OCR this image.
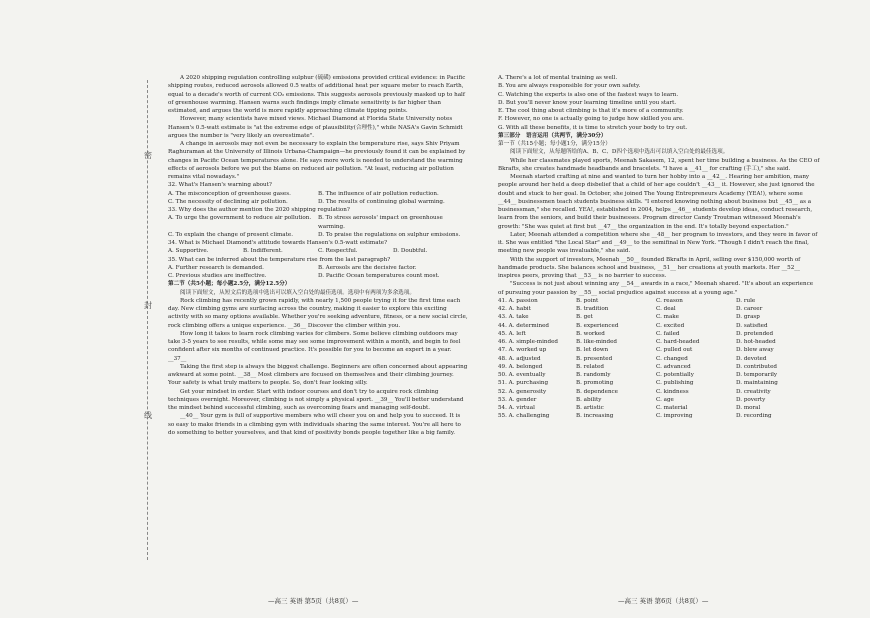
密
封
线

A 2020 shipping regulation controlling sulphur (硫磺) emissions provided critical evidence: in Pacific shipping routes, reduced aerosols allowed 0.5 watts of additional heat per square meter to reach Earth, equal to a decade's worth of current CO₂ emissions. This suggests aerosols previously masked up to half of greenhouse warming. Hansen warns such findings imply climate sensitivity is far higher than estimated, and argues the world is more rapidly approaching climate tipping points.

However, many scientists have mixed views. Michael Diamond at Florida State University notes Hansen's 0.5-watt estimate is "at the extreme edge of plausibility(合理性)," while NASA's Gavin Schmidt argues the number is "very likely an overestimate".

A change in aerosols may not even be necessary to explain the temperature rise, says Shiv Priyam Raghuraman at the University of Illinois Urbana-Champaign—he previously found it can be explained by changes in Pacific Ocean temperatures alone. He says more work is needed to understand the warming effects of aerosols before we put the blame on reduced air pollution. "At least, reducing air pollution remains vital nowadays."

32. What's Hansen's warning about?

A. The misconception of greenhouse gases.	B. The influence of air pollution reduction.
C. The necessity of declining air pollution.	D. The results of continuing global warming.

33. Why does the author mention the 2020 shipping regulation?

A. To urge the government to reduce air pollution.	B. To stress aerosols' impact on greenhouse warming.
C. To explain the change of present climate.	D. To praise the regulations on sulphur emissions.

34. What is Michael Diamond's attitude towards Hansen's 0.5-watt estimate?

A. Supportive.	B. Indifferent.	C. Respectful.	D. Doubtful.

35. What can be inferred about the temperature rise from the last paragraph?

A. Further research is demanded.	B. Aerosols are the decisive factor.
C. Previous studies are ineffective.	D. Pacific Ocean temperatures count most.

第二节（共5小题；每小题2.5分，满分12.5分）

阅读下面短文，从短文后的选项中选出可以填入空白处的最佳选项。选项中有两项为多余选项。

Rock climbing has recently grown rapidly, with nearly 1,500 people trying it for the first time each day. New climbing gyms are surfacing across the country, making it easier to explore this exciting activity with so many options available. Whether you're seeking adventure, fitness, or a new social circle, rock climbing offers a unique experience. __36__ Discover the climber within you.

How long it takes to learn rock climbing varies for climbers. Some believe climbing outdoors may take 3-5 years to see results, while some may see some improvement within a month, and begin to feel confident after six months of continued practice. It's possible for you to become an expert in a year. __37__

Taking the first step is always the biggest challenge. Beginners are often concerned about appearing awkward at some point. __38__ Most climbers are focused on themselves and their climbing journey. Your safety is what truly matters to people. So, don't fear looking silly.

Get your mindset in order. Start with indoor courses and don't try to acquire rock climbing techniques overnight. Moreover, climbing is not simply a physical sport. __39__ You'll better understand the mindset behind successful climbing, such as overcoming fears and managing self-doubt.

__40__ Your gym is full of supportive members who will cheer you on and help you to succeed. It is so easy to make friends in a climbing gym with individuals sharing the same interest. You're all here to do something to better yourselves, and that kind of positivity bonds people together like a big family.

A. There's a lot of mental training as well.

B. You are always responsible for your own safety.

C. Watching the experts is also one of the fastest ways to learn.

D. But you'll never know your learning timeline until you start.

E. The cool thing about climbing is that it's more of a community.

F. However, no one is actually going to judge how skilled you are.

G. With all these benefits, it is time to stretch your body to try out.

第三部分　语言运用（共两节，满分30分）

第一节（共15小题；每小题1分，满分15分）

阅读下面短文，从每题所给的A、B、C、D四个选项中选出可以填入空白处的最佳选项。

While her classmates played sports, Meenah Sakasem, 12, spent her time building a business. As the CEO of Bkrafts, she creates handmade headbands and bracelets. "I have a __41__ for crafting (手工)," she said.

Meenah started crafting at nine and wanted to turn her hobby into a __42__. Hearing her ambition, many people around her held a deep disbelief that a child of her age couldn't __43__ it. However, she just ignored the doubt and stuck to her goal. In October, she joined The Young Entrepreneurs Academy (YEA!), where some __44__ businessmen teach students business skills. "I entered knowing nothing about business but __45__ as a businessman," she recalled. YEA!, established in 2004, helps __46__ students develop ideas, conduct research, learn from the seniors, and build their businesses. Program director Candy Troutman witnessed Meenah's growth: "She was quiet at first but __47__ the organization in the end. It's totally beyond expectation."

Later, Meenah attended a competition where she __48__ her program to investors, and they were in favor of it. She was entitled "the Local Star" and __49__ to the semifinal in New York. "Though I didn't reach the final, meeting new people was invaluable," she said.

With the support of investors, Meenah __50__ founded Bkrafts in April, selling over $150,000 worth of handmade products. She balances school and business, __51__ her creations at youth markets. Her __52__ inspires peers, proving that __53__ is no barrier to success.

"Success is not just about winning any __54__ awards in a race," Meenah shared. "It's about an experience of pursuing your passion by __55__ social prejudice against success at a young age."

41. A. passion	B. point	C. reason	D. rule
42. A. habit	B. tradition	C. deal	D. career
43. A. take	B. get	C. make	D. grasp
44. A. determined	B. experienced	C. excited	D. satisfied
45. A. left	B. worked	C. failed	D. pretended
46. A. simple-minded	B. like-minded	C. hard-headed	D. hot-headed
47. A. worked up	B. let down	C. pulled out	D. blew away
48. A. adjusted	B. presented	C. changed	D. devoted
49. A. belonged	B. related	C. advanced	D. contributed
50. A. eventually	B. randomly	C. potentially	D. temporarily
51. A. purchasing	B. promoting	C. publishing	D. maintaining
52. A. generosity	B. dependence	C. kindness	D. creativity
53. A. gender	B. ability	C. age	D. poverty
54. A. virtual	B. artistic	C. material	D. moral
55. A. challenging	B. increasing	C. improving	D. recording
—高三 英语 第5页（共8页）—	—高三 英语 第6页（共8页）—
